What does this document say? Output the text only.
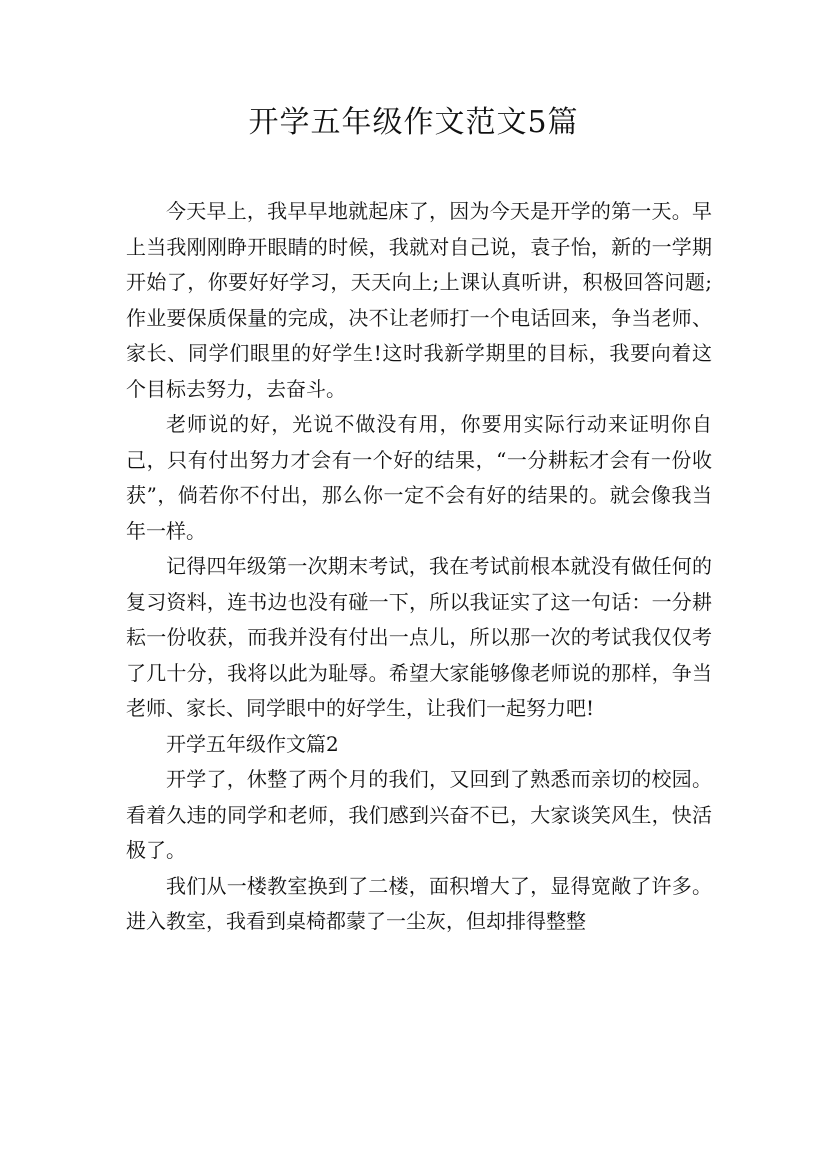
开学五年级作文范文5篇

今天早上，我早早地就起床了，因为今天是开学的第一天。早上当我刚刚睁开眼睛的时候，我就对自己说，袁子怡，新的一学期开始了，你要好好学习，天天向上;上课认真听讲，积极回答问题;作业要保质保量的完成，决不让老师打一个电话回来，争当老师、家长、同学们眼里的好学生!这时我新学期里的目标，我要向着这个目标去努力，去奋斗。

老师说的好，光说不做没有用，你要用实际行动来证明你自己，只有付出努力才会有一个好的结果，“一分耕耘才会有一份收获”，倘若你不付出，那么你一定不会有好的结果的。就会像我当年一样。

记得四年级第一次期末考试，我在考试前根本就没有做任何的复习资料，连书边也没有碰一下，所以我证实了这一句话：一分耕耘一份收获，而我并没有付出一点儿，所以那一次的考试我仅仅考了几十分，我将以此为耻辱。希望大家能够像老师说的那样，争当老师、家长、同学眼中的好学生，让我们一起努力吧!

开学五年级作文篇2

开学了，休整了两个月的我们，又回到了熟悉而亲切的校园。看着久违的同学和老师，我们感到兴奋不已，大家谈笑风生，快活极了。

我们从一楼教室换到了二楼，面积增大了，显得宽敞了许多。进入教室，我看到桌椅都蒙了一尘灰，但却排得整整
